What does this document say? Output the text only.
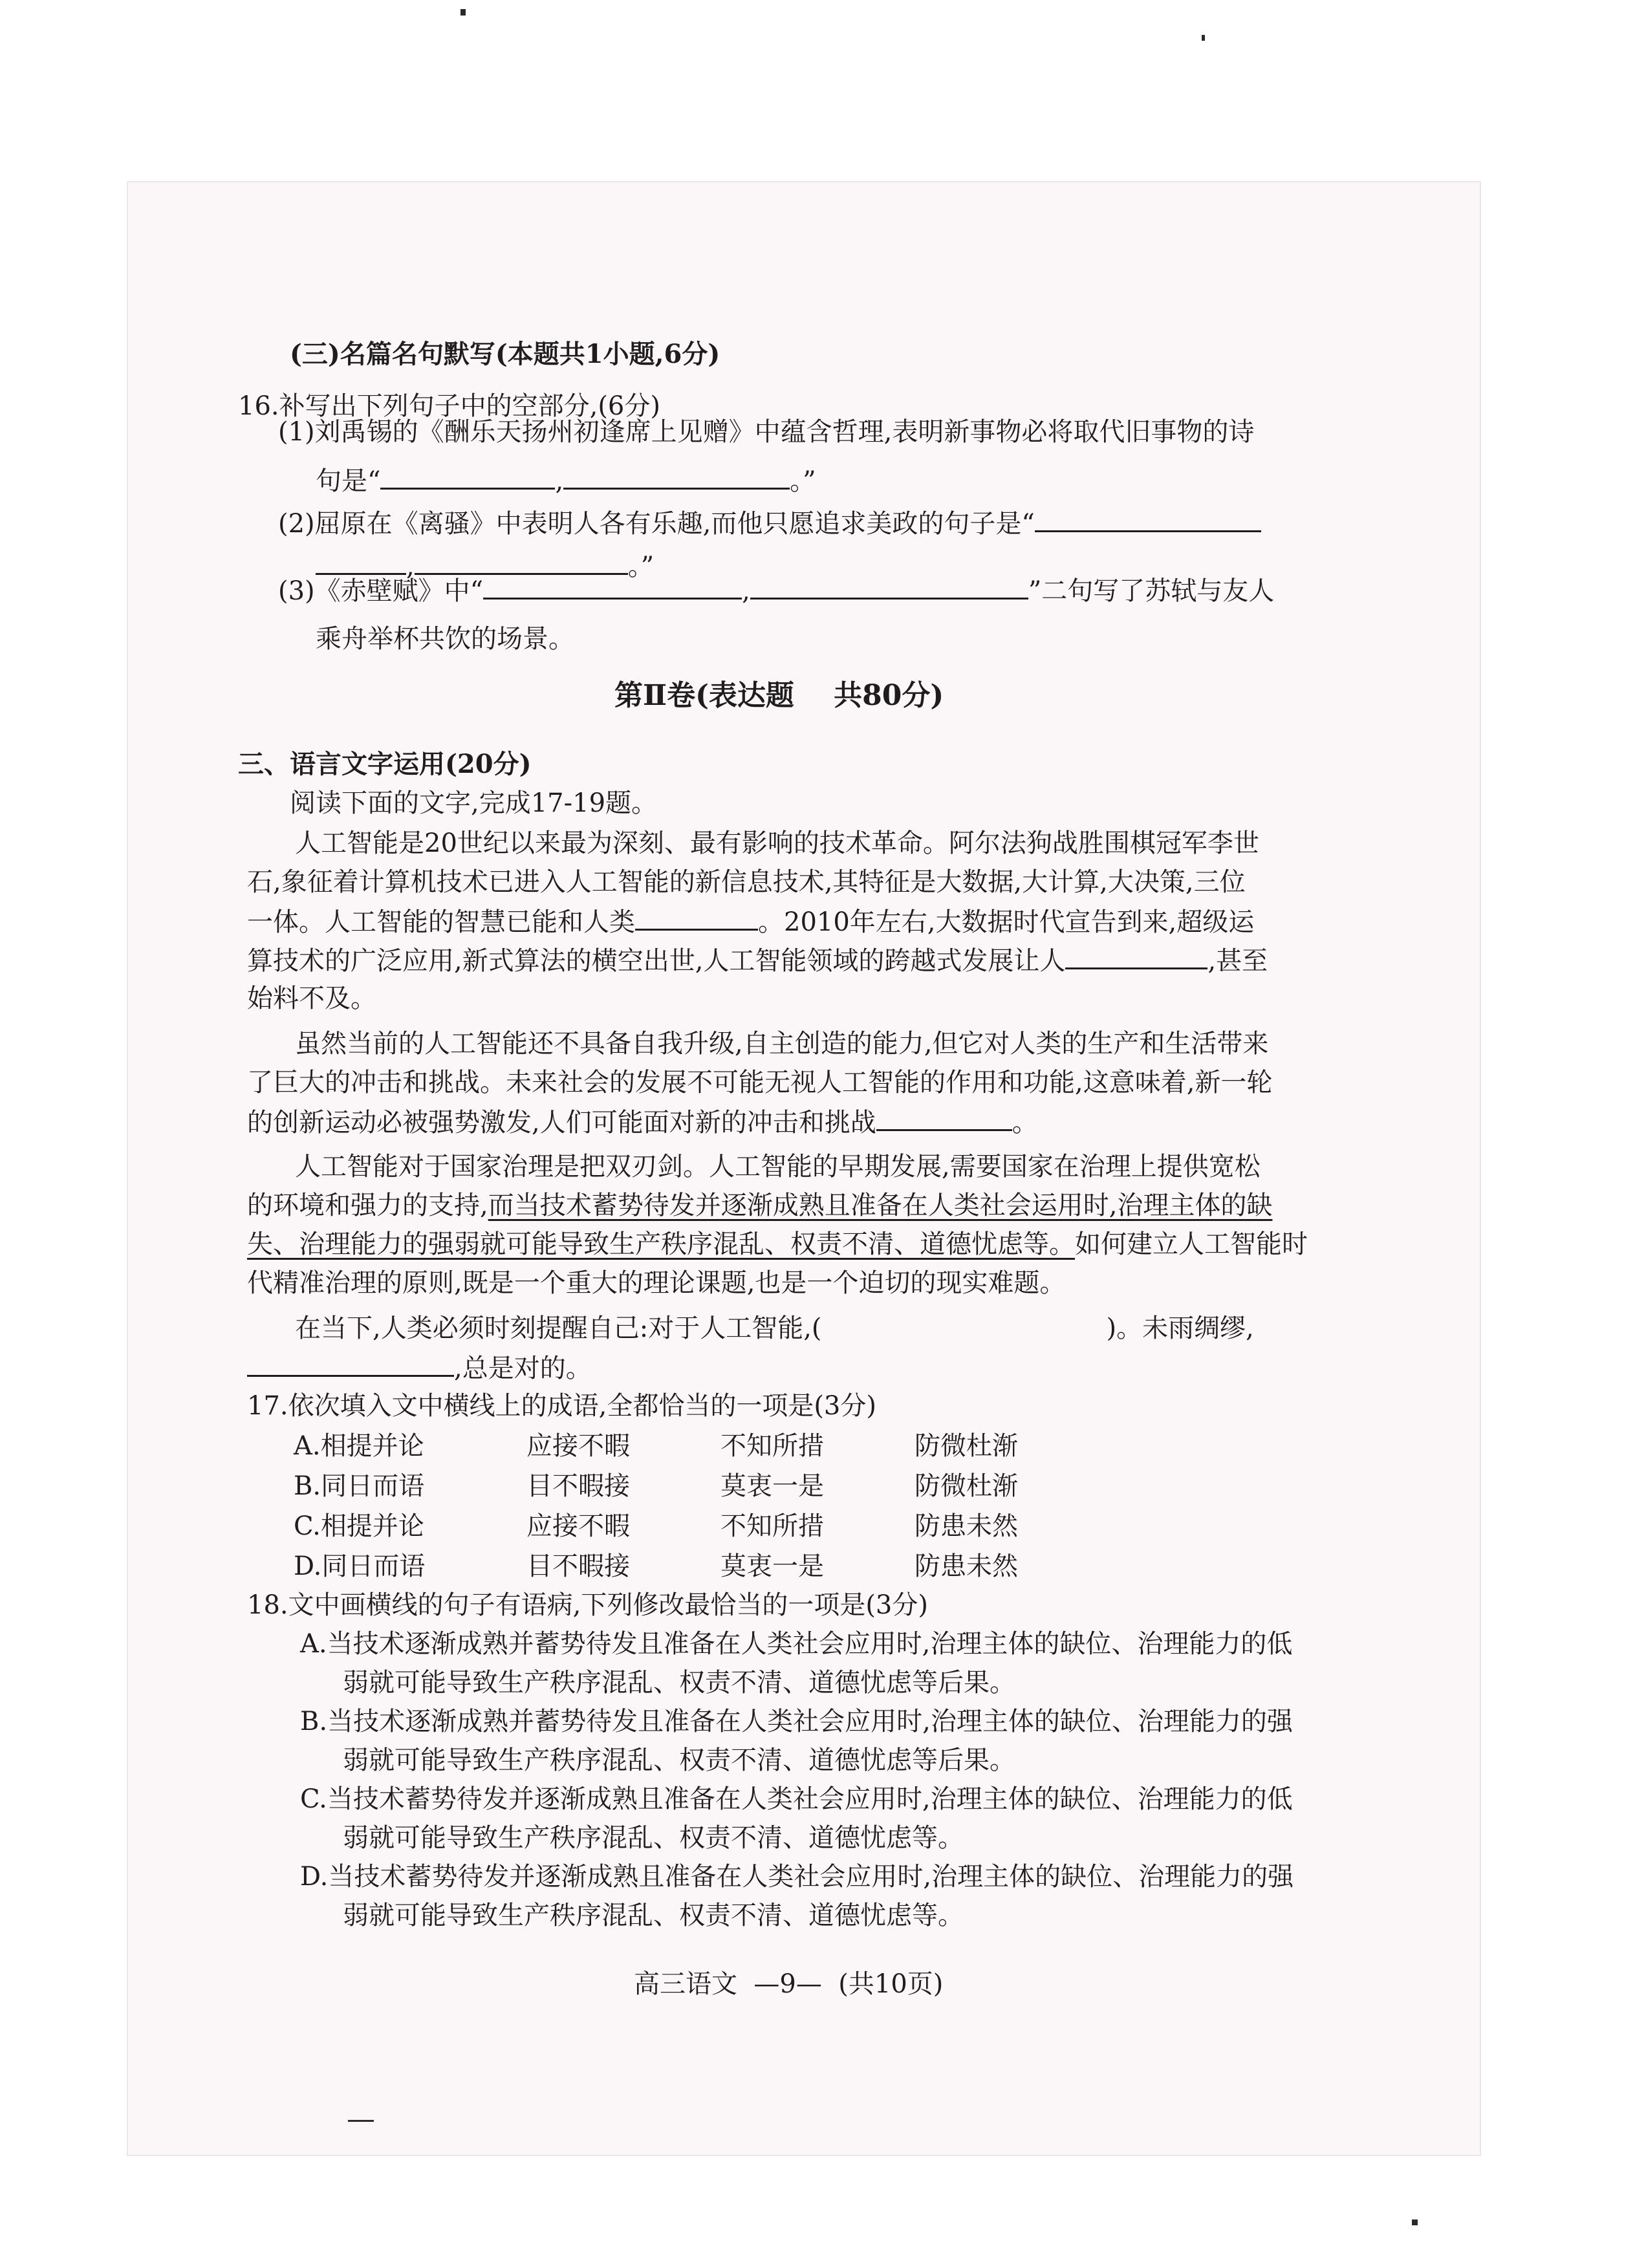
(三)名篇名句默写(本题共1小题,6分)
16.补写出下列句子中的空部分,(6分)
(1)刘禹锡的《酬乐天扬州初逢席上见赠》中蕴含哲理,表明新事物必将取代旧事物的诗
句是“	,	。”
(2)屈原在《离骚》中表明人各有乐趣,而他只愿追求美政的句子是“
,	。”
(3)《赤壁赋》中“	,	”二句写了苏轼与友人
乘舟举杯共饮的场景。
第Ⅱ卷(表达题    共80分)
三、语言文字运用(20分)
阅读下面的文字,完成17-19题。
人工智能是20世纪以来最为深刻、最有影响的技术革命。阿尔法狗战胜围棋冠军李世
石,象征着计算机技术已进入人工智能的新信息技术,其特征是大数据,大计算,大决策,三位
一体。人工智能的智慧已能和人类	。2010年左右,大数据时代宣告到来,超级运
算技术的广泛应用,新式算法的横空出世,人工智能领域的跨越式发展让人	,甚至
始料不及。
虽然当前的人工智能还不具备自我升级,自主创造的能力,但它对人类的生产和生活带来
了巨大的冲击和挑战。未来社会的发展不可能无视人工智能的作用和功能,这意味着,新一轮
的创新运动必被强势激发,人们可能面对新的冲击和挑战	。
人工智能对于国家治理是把双刃剑。人工智能的早期发展,需要国家在治理上提供宽松
的环境和强力的支持,而当技术蓄势待发并逐渐成熟且准备在人类社会运用时,治理主体的缺
失、治理能力的强弱就可能导致生产秩序混乱、权责不清、道德忧虑等。如何建立人工智能时
代精准治理的原则,既是一个重大的理论课题,也是一个迫切的现实难题。
在当下,人类必须时刻提醒自己:对于人工智能,(	)。未雨绸缪,
,总是对的。
17.依次填入文中横线上的成语,全都恰当的一项是(3分)
A.相提并论	应接不暇	不知所措	防微杜渐
B.同日而语	目不暇接	莫衷一是	防微杜渐
C.相提并论	应接不暇	不知所措	防患未然
D.同日而语	目不暇接	莫衷一是	防患未然
18.文中画横线的句子有语病,下列修改最恰当的一项是(3分)
A.当技术逐渐成熟并蓄势待发且准备在人类社会应用时,治理主体的缺位、治理能力的低
弱就可能导致生产秩序混乱、权责不清、道德忧虑等后果。
B.当技术逐渐成熟并蓄势待发且准备在人类社会应用时,治理主体的缺位、治理能力的强
弱就可能导致生产秩序混乱、权责不清、道德忧虑等后果。
C.当技术蓄势待发并逐渐成熟且准备在人类社会应用时,治理主体的缺位、治理能力的低
弱就可能导致生产秩序混乱、权责不清、道德忧虑等。
D.当技术蓄势待发并逐渐成熟且准备在人类社会应用时,治理主体的缺位、治理能力的强
弱就可能导致生产秩序混乱、权责不清、道德忧虑等。
高三语文  —9—  (共10页)
